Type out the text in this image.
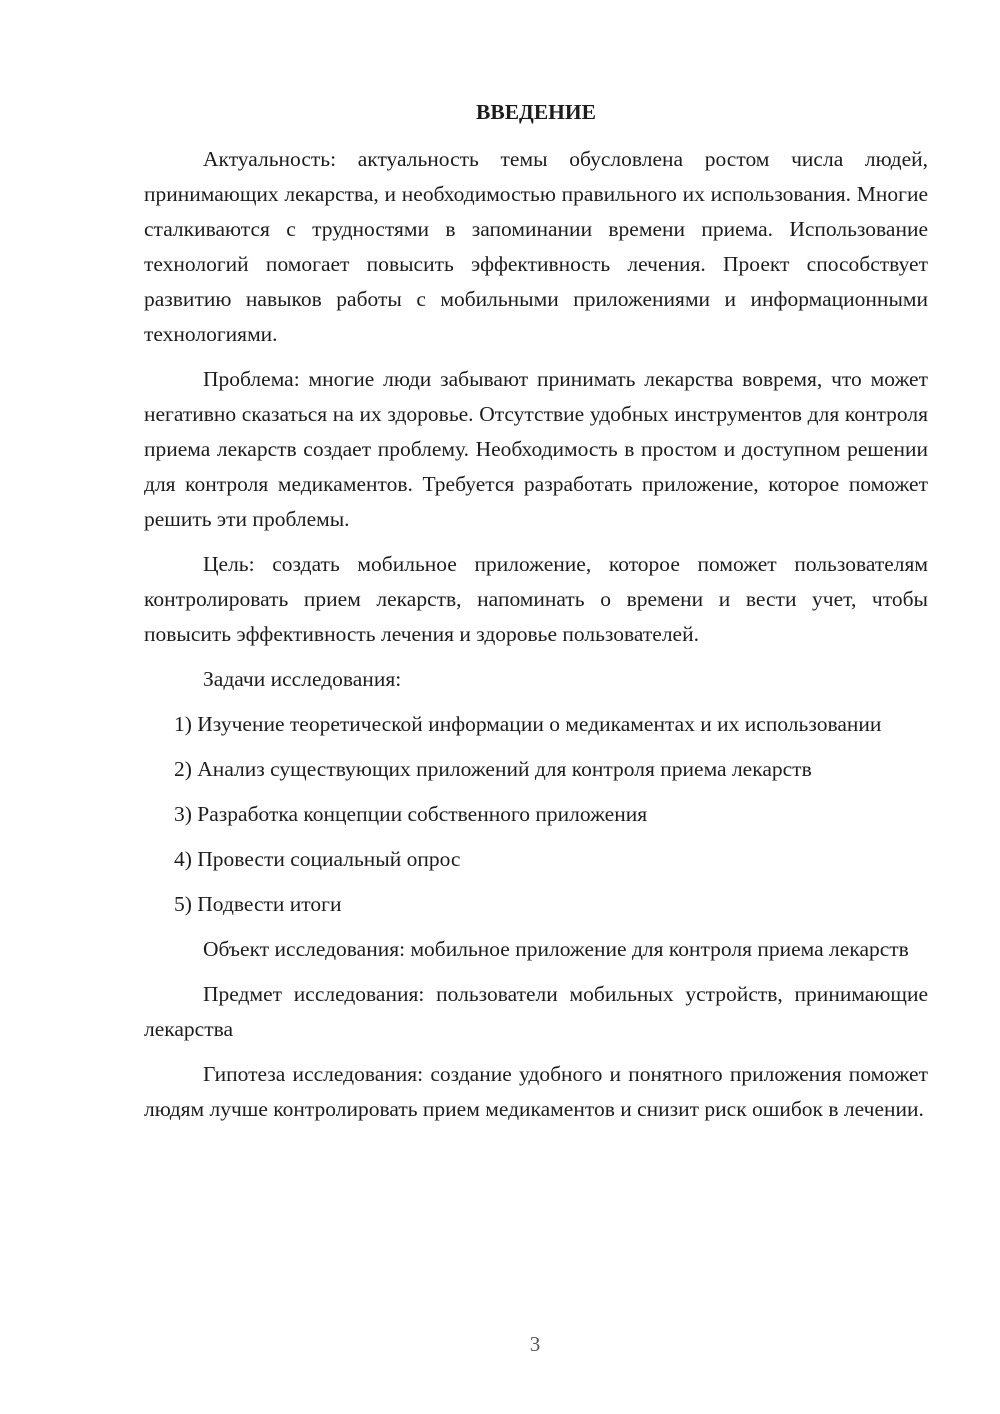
ВВЕДЕНИЕ

Актуальность: актуальность темы обусловлена ростом числа людей, принимающих лекарства, и необходимостью правильного их использования. Многие сталкиваются с трудностями в запоминании времени приема. Использование технологий помогает повысить эффективность лечения. Проект способствует развитию навыков работы с мобильными приложениями и информационными технологиями.

Проблема: многие люди забывают принимать лекарства вовремя, что может негативно сказаться на их здоровье. Отсутствие удобных инструментов для контроля приема лекарств создает проблему. Необходимость в простом и доступном решении для контроля медикаментов. Требуется разработать приложение, которое поможет решить эти проблемы.

Цель: создать мобильное приложение, которое поможет пользователям контролировать прием лекарств, напоминать о времени и вести учет, чтобы повысить эффективность лечения и здоровье пользователей.

Задачи исследования:

1) Изучение теоретической информации о медикаментах и их использовании

2) Анализ существующих приложений для контроля приема лекарств

3) Разработка концепции собственного приложения

4) Провести социальный опрос

5) Подвести итоги

Объект исследования: мобильное приложение для контроля приема лекарств

Предмет исследования: пользователи мобильных устройств, принимающие лекарства

Гипотеза исследования: создание удобного и понятного приложения поможет людям лучше контролировать прием медикаментов и снизит риск ошибок в лечении.

3
